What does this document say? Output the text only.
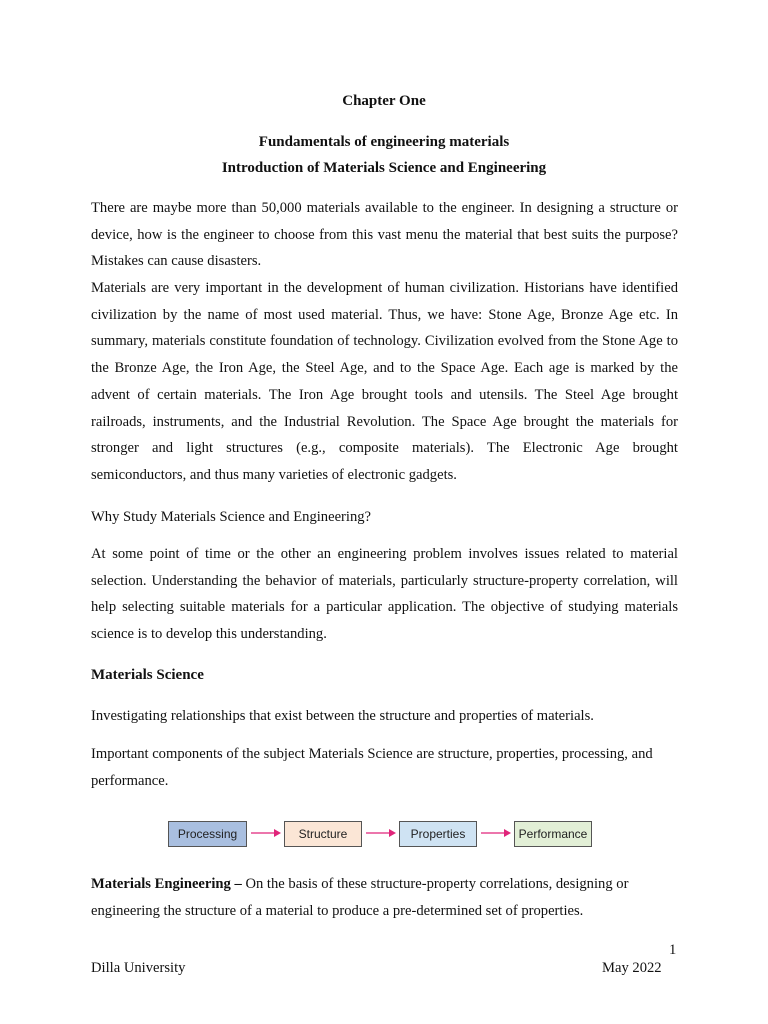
Chapter One
Fundamentals of engineering materials
Introduction of Materials Science and Engineering

There are maybe more than 50,000 materials available to the engineer. In designing a structure or device, how is the engineer to choose from this vast menu the material that best suits the purpose? Mistakes can cause disasters.

Materials are very important in the development of human civilization. Historians have identified civilization by the name of most used material. Thus, we have: Stone Age, Bronze Age etc. In summary, materials constitute foundation of technology. Civilization evolved from the Stone Age to the Bronze Age, the Iron Age, the Steel Age, and to the Space Age. Each age is marked by the advent of certain materials. The Iron Age brought tools and utensils. The Steel Age brought railroads, instruments, and the Industrial Revolution. The Space Age brought the materials for stronger and light structures (e.g., composite materials). The Electronic Age brought semiconductors, and thus many varieties of electronic gadgets.

Why Study Materials Science and Engineering?

At some point of time or the other an engineering problem involves issues related to material selection. Understanding the behavior of materials, particularly structure-property correlation, will help selecting suitable materials for a particular application. The objective of studying materials science is to develop this understanding.

Materials Science

Investigating relationships that exist between the structure and properties of materials.

Important components of the subject Materials Science are structure, properties, processing, and performance.

Processing	Structure	Properties	Performance

Materials Engineering – On the basis of these structure-property correlations, designing or engineering the structure of a material to produce a pre-determined set of properties.

1
Dilla University	May 2022
